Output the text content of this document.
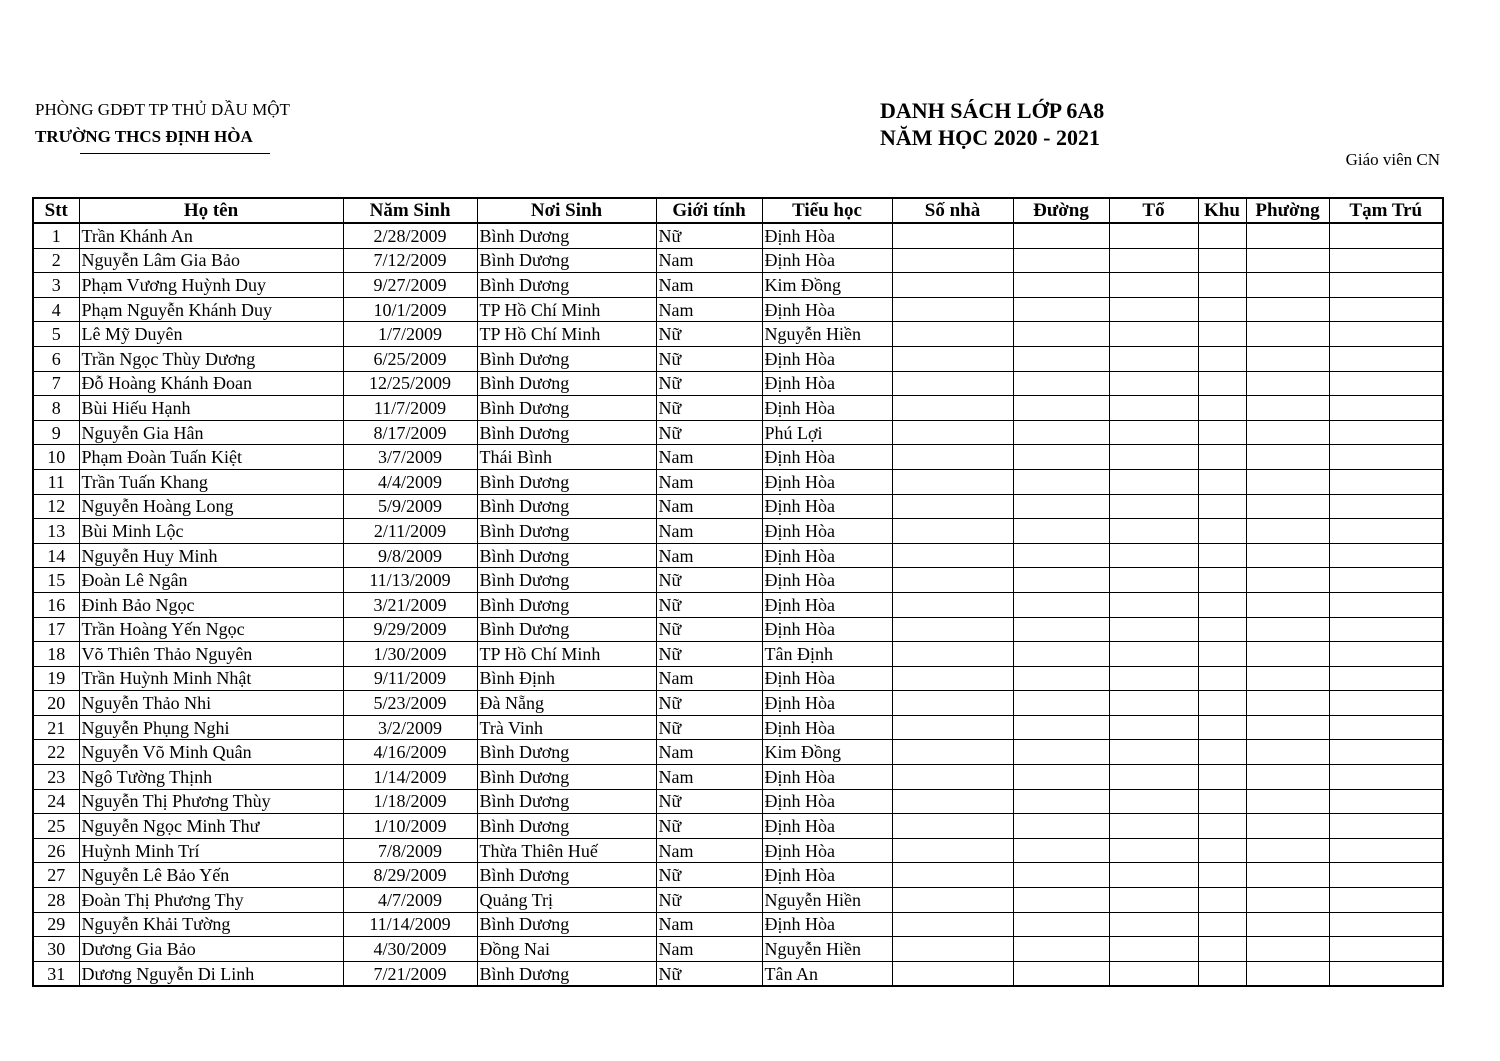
PHÒNG GDĐT TP THỦ DẦU MỘT
TRƯỜNG THCS ĐỊNH HÒA
DANH SÁCH LỚP 6A8
NĂM HỌC 2020 - 2021
Giáo viên CN
Stt	Họ tên	Năm Sinh	Nơi Sinh	Giới tính	Tiểu học	Số nhà	Đường	Tổ	Khu	Phường	Tạm Trú
1	Trần Khánh An	2/28/2009	Bình Dương	Nữ	Định Hòa						
2	Nguyễn Lâm Gia Bảo	7/12/2009	Bình Dương	Nam	Định Hòa						
3	Phạm Vương Huỳnh Duy	9/27/2009	Bình Dương	Nam	Kim Đồng						
4	Phạm Nguyễn Khánh Duy	10/1/2009	TP Hồ Chí Minh	Nam	Định Hòa						
5	Lê Mỹ Duyên	1/7/2009	TP Hồ Chí Minh	Nữ	Nguyễn Hiền						
6	Trần Ngọc Thùy Dương	6/25/2009	Bình Dương	Nữ	Định Hòa						
7	Đỗ Hoàng Khánh Đoan	12/25/2009	Bình Dương	Nữ	Định Hòa						
8	Bùi Hiếu Hạnh	11/7/2009	Bình Dương	Nữ	Định Hòa						
9	Nguyễn Gia Hân	8/17/2009	Bình Dương	Nữ	Phú Lợi						
10	Phạm Đoàn Tuấn Kiệt	3/7/2009	Thái Bình	Nam	Định Hòa						
11	Trần Tuấn Khang	4/4/2009	Bình Dương	Nam	Định Hòa						
12	Nguyễn Hoàng Long	5/9/2009	Bình Dương	Nam	Định Hòa						
13	Bùi Minh Lộc	2/11/2009	Bình Dương	Nam	Định Hòa						
14	Nguyễn Huy Minh	9/8/2009	Bình Dương	Nam	Định Hòa						
15	Đoàn Lê Ngân	11/13/2009	Bình Dương	Nữ	Định Hòa						
16	Đinh Bảo Ngọc	3/21/2009	Bình Dương	Nữ	Định Hòa						
17	Trần Hoàng Yến Ngọc	9/29/2009	Bình Dương	Nữ	Định Hòa						
18	Võ Thiên Thảo Nguyên	1/30/2009	TP Hồ Chí Minh	Nữ	Tân Định						
19	Trần Huỳnh Minh Nhật	9/11/2009	Bình Định	Nam	Định Hòa						
20	Nguyễn Thảo Nhi	5/23/2009	Đà Nẵng	Nữ	Định Hòa						
21	Nguyễn Phụng Nghi	3/2/2009	Trà Vinh	Nữ	Định Hòa						
22	Nguyễn Võ Minh Quân	4/16/2009	Bình Dương	Nam	Kim Đồng						
23	Ngô Tường Thịnh	1/14/2009	Bình Dương	Nam	Định Hòa						
24	Nguyễn Thị Phương Thùy	1/18/2009	Bình Dương	Nữ	Định Hòa						
25	Nguyễn Ngọc Minh Thư	1/10/2009	Bình Dương	Nữ	Định Hòa						
26	Huỳnh Minh Trí	7/8/2009	Thừa Thiên Huế	Nam	Định Hòa						
27	Nguyễn Lê Bảo Yến	8/29/2009	Bình Dương	Nữ	Định Hòa						
28	Đoàn Thị Phương Thy	4/7/2009	Quảng Trị	Nữ	Nguyễn Hiền						
29	Nguyễn Khải Tường	11/14/2009	Bình Dương	Nam	Định Hòa						
30	Dương Gia Bảo	4/30/2009	Đồng Nai	Nam	Nguyễn Hiền						
31	Dương Nguyễn Di Linh	7/21/2009	Bình Dương	Nữ	Tân An						
